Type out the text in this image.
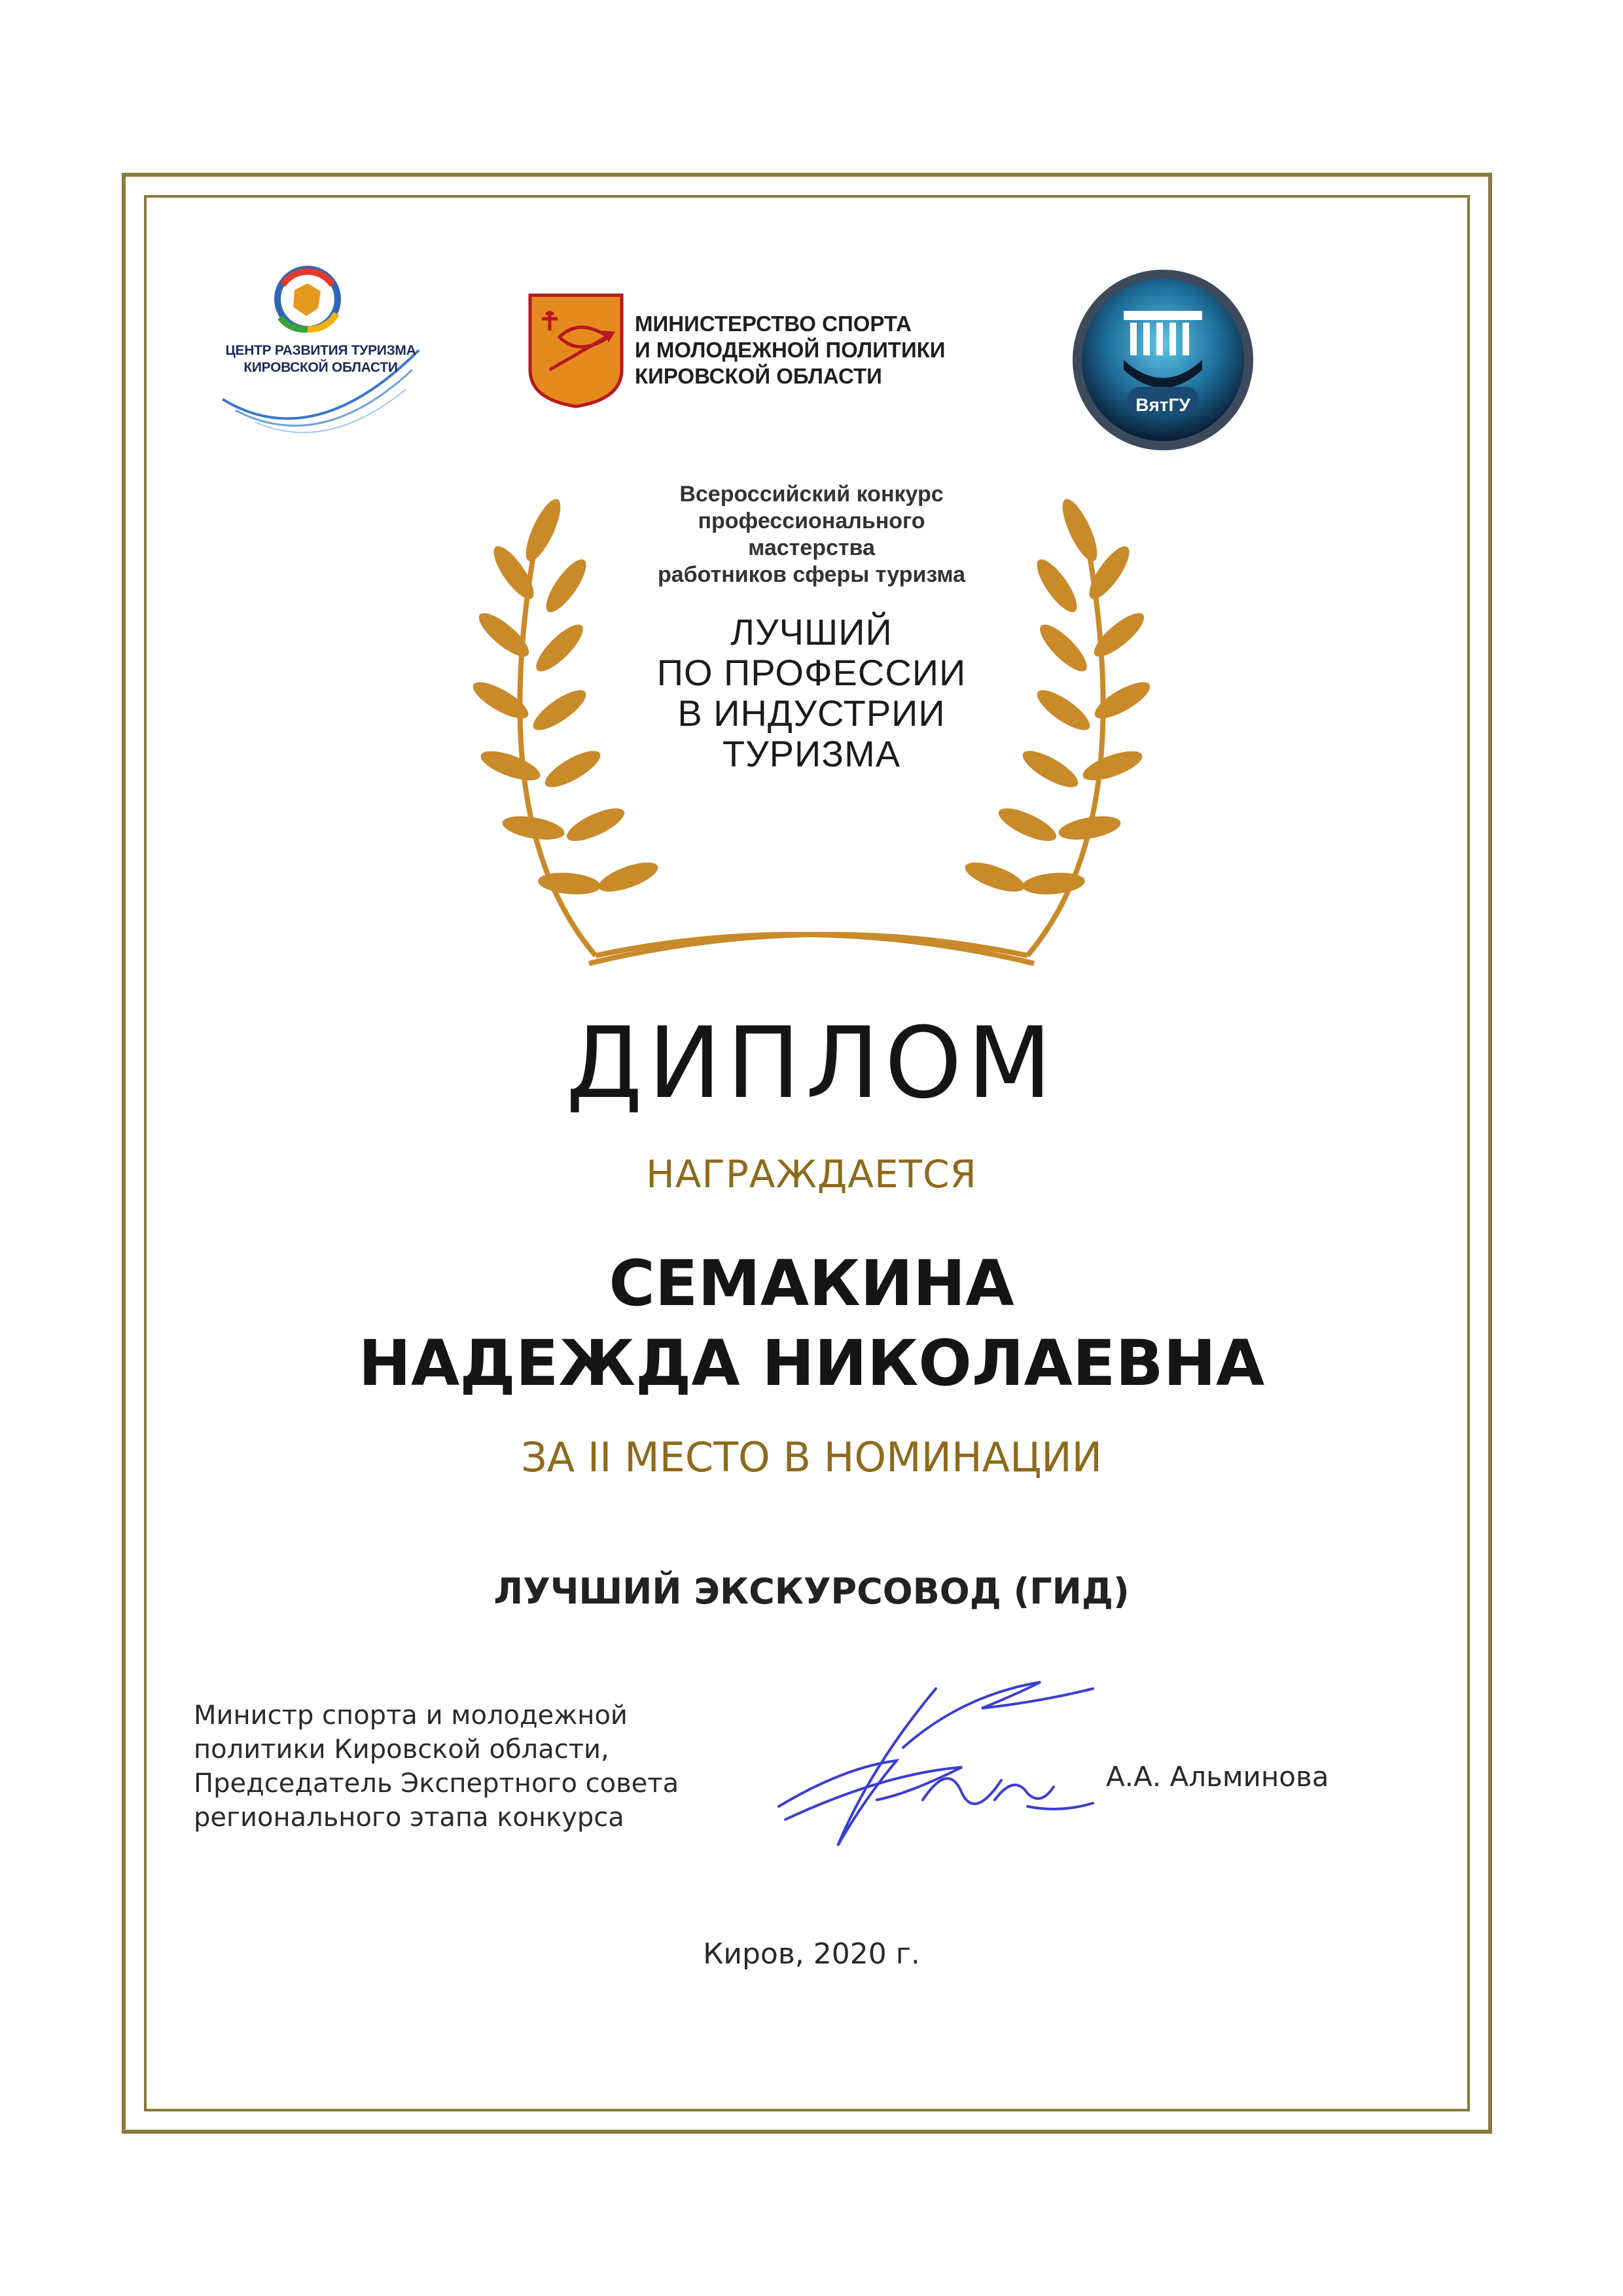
ЦЕНТР РАЗВИТИЯ ТУРИЗМА
КИРОВСКОЙ ОБЛАСТИ
МИНИСТЕРСТВО СПОРТА
И МОЛОДЕЖНОЙ ПОЛИТИКИ
КИРОВСКОЙ ОБЛАСТИ
ВятГУ
Всероссийский конкурс
профессионального
мастерства
работников сферы туризма
ЛУЧШИЙ
ПО ПРОФЕССИИ
В ИНДУСТРИИ
ТУРИЗМА
ДИПЛОМ
НАГРАЖДАЕТСЯ
СЕМАКИНА
НАДЕЖДА НИКОЛАЕВНА
ЗА II МЕСТО В НОМИНАЦИИ
ЛУЧШИЙ ЭКСКУРСОВОД (ГИД)
Министр спорта и молодежной
политики Кировской области,
Председатель Экспертного совета
регионального этапа конкурса
А.А. Альминова
Киров, 2020 г.
